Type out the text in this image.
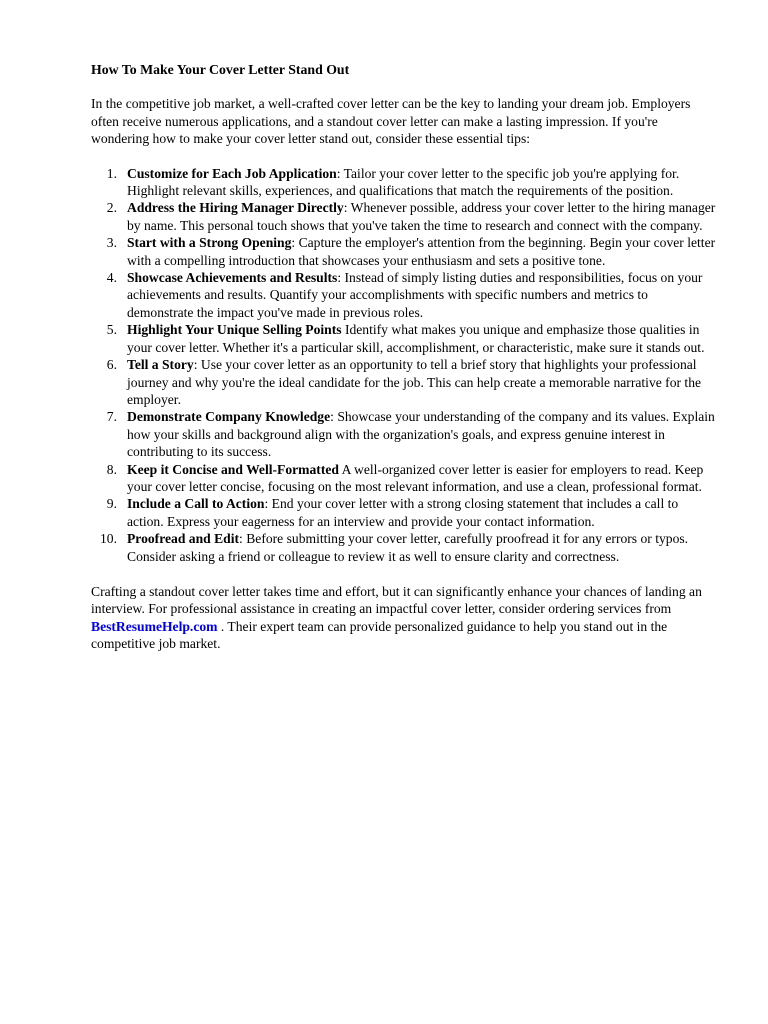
How To Make Your Cover Letter Stand Out

In the competitive job market, a well-crafted cover letter can be the key to landing your dream job. Employers often receive numerous applications, and a standout cover letter can make a lasting impression. If you're wondering how to make your cover letter stand out, consider these essential tips:

1. Customize for Each Job Application: Tailor your cover letter to the specific job you're applying for. Highlight relevant skills, experiences, and qualifications that match the requirements of the position.
2. Address the Hiring Manager Directly: Whenever possible, address your cover letter to the hiring manager by name. This personal touch shows that you've taken the time to research and connect with the company.
3. Start with a Strong Opening: Capture the employer's attention from the beginning. Begin your cover letter with a compelling introduction that showcases your enthusiasm and sets a positive tone.
4. Showcase Achievements and Results: Instead of simply listing duties and responsibilities, focus on your achievements and results. Quantify your accomplishments with specific numbers and metrics to demonstrate the impact you've made in previous roles.
5. Highlight Your Unique Selling Points Identify what makes you unique and emphasize those qualities in your cover letter. Whether it's a particular skill, accomplishment, or characteristic, make sure it stands out.
6. Tell a Story: Use your cover letter as an opportunity to tell a brief story that highlights your professional journey and why you're the ideal candidate for the job. This can help create a memorable narrative for the employer.
7. Demonstrate Company Knowledge: Showcase your understanding of the company and its values. Explain how your skills and background align with the organization's goals, and express genuine interest in contributing to its success.
8. Keep it Concise and Well-Formatted A well-organized cover letter is easier for employers to read. Keep your cover letter concise, focusing on the most relevant information, and use a clean, professional format.
9. Include a Call to Action: End your cover letter with a strong closing statement that includes a call to action. Express your eagerness for an interview and provide your contact information.
10. Proofread and Edit: Before submitting your cover letter, carefully proofread it for any errors or typos. Consider asking a friend or colleague to review it as well to ensure clarity and correctness.

Crafting a standout cover letter takes time and effort, but it can significantly enhance your chances of landing an interview. For professional assistance in creating an impactful cover letter, consider ordering services from BestResumeHelp.com . Their expert team can provide personalized guidance to help you stand out in the competitive job market.
